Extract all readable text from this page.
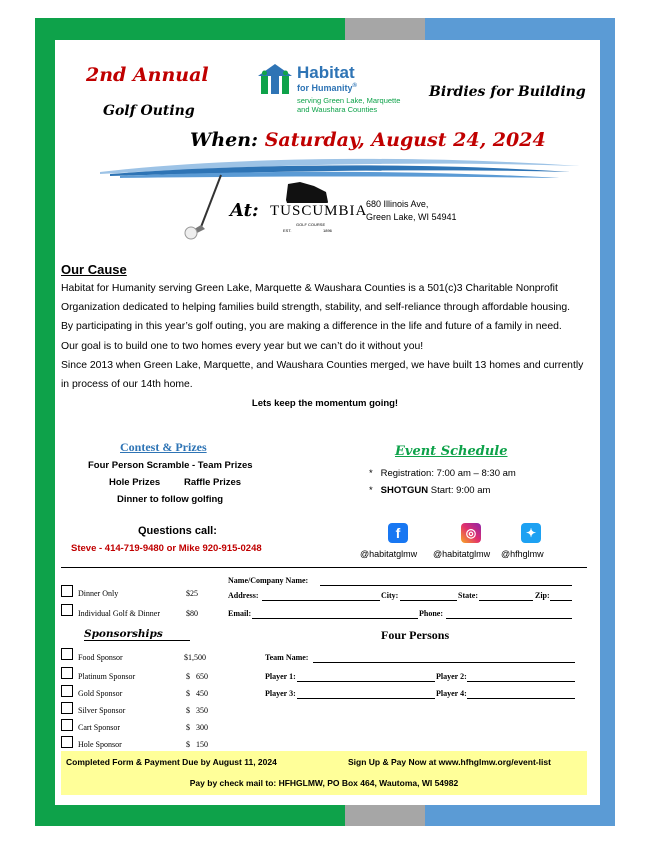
2nd Annual
Golf Outing
Habitat
for Humanity®
serving Green Lake, Marquette
and Waushara Counties
Birdies for Building
When: Saturday, August 24, 2024
At: TUSCUMBIA
GOLF COURSE
EST.	1896
680 Illinois Ave,
Green Lake, WI 54941
Our Cause
Habitat for Humanity serving Green Lake, Marquette & Waushara Counties is a 501(c)3 Charitable Nonprofit
Organization dedicated to helping families build strength, stability, and self-reliance through affordable housing.
By participating in this year’s golf outing, you are making a difference in the life and future of a family in need.
Our goal is to build one to two homes every year but we can’t do it without you!
Since 2013 when Green Lake, Marquette, and Waushara Counties merged, we have built 13 homes and currently
in process of our 14th home.
Lets keep the momentum going!
Contest & Prizes
Four Person Scramble - Team Prizes
Hole Prizes	Raffle Prizes
Dinner to follow golfing
Event Schedule
* Registration: 7:00 am – 8:30 am
* SHOTGUN Start: 9:00 am
Questions call:
Steve - 414-719-9480 or Mike 920-915-0248
f	◎	✦
@habitatglmw @habitatglmw @hfhglmw
Dinner Only	$25
Individual Golf & Dinner	$80
Name/Company Name:
Address:	City:	State:	Zip:
Email:	Phone:
Sponsorships
Food Sponsor	$1,500
Platinum Sponsor	$   650
Gold Sponsor	$   450
Silver Sponsor	$   350
Cart Sponsor	$   300
Hole Sponsor	$   150
Four Persons
Team Name:
Player 1:	Player 2:
Player 3:	Player 4:
Completed Form & Payment Due by August 11, 2024	Sign Up & Pay Now at www.hfhglmw.org/event-list
Pay by check mail to: HFHGLMW, PO Box 464, Wautoma, WI 54982
